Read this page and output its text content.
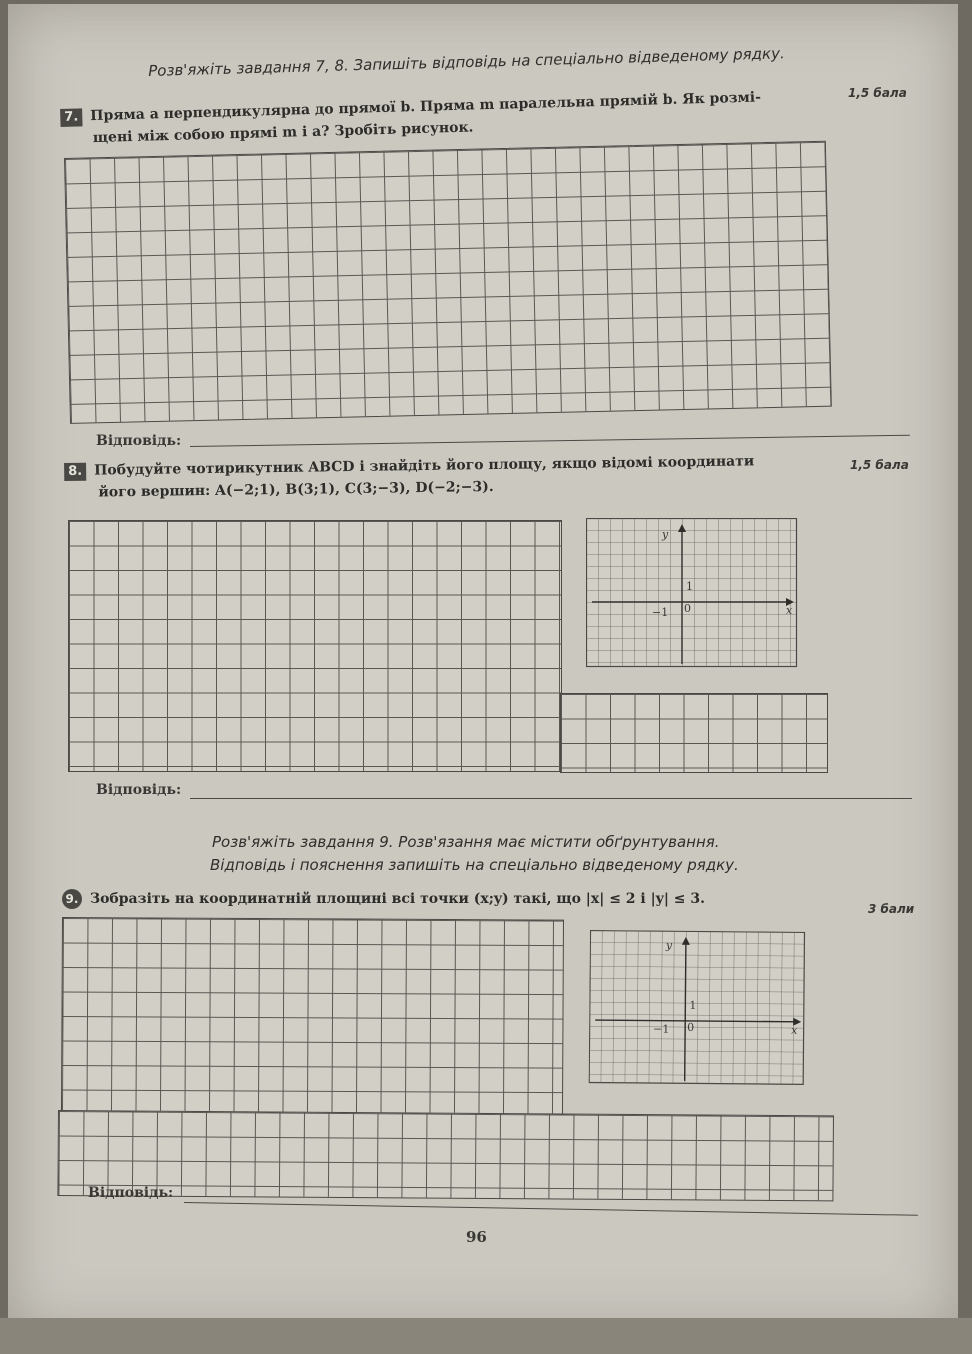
Розв'яжіть завдання 7, 8. Запишіть відповідь на спеціально відведеному рядку.
1,5 бала
7. Пряма a перпендикулярна до прямої b. Пряма m паралельна прямій b. Як розмі-
щені між собою прямі m і a? Зробіть рисунок.
Відповідь:
1,5 бала
8. Побудуйте чотирикутник ABCD і знайдіть його площу, якщо відомі координати
його вершин: A(−2;1), B(3;1), C(3;−3), D(−2;−3).
y
x
1
0
−1
Відповідь:
Розв'яжіть завдання 9. Розв'язання має містити обґрунтування.
Відповідь і пояснення запишіть на спеціально відведеному рядку.
3 бали
9. Зобразіть на координатній площині всі точки (x;y) такі, що |x| ≤ 2 і |y| ≤ 3.
y
x
1
0
−1
Відповідь:
96
